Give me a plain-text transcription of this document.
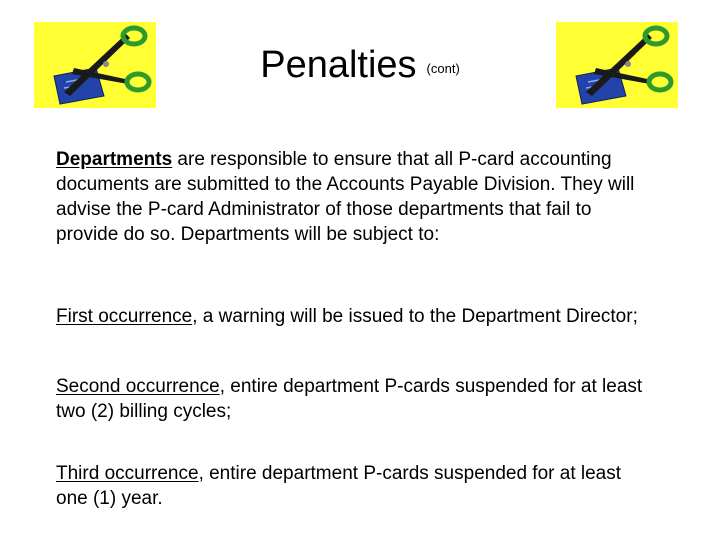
Penalties $^{(cont)}$
Departments are responsible to ensure that all P-card accounting documents are submitted to the Accounts Payable Division. They will advise the P-card Administrator of those departments that fail to provide do so. Departments will be subject to:
First occurrence, a warning will be issued to the Department Director;
Second occurrence, entire department P-cards suspended for at least two (2) billing cycles;
Third occurrence, entire department P-cards suspended for at least one (1) year.
